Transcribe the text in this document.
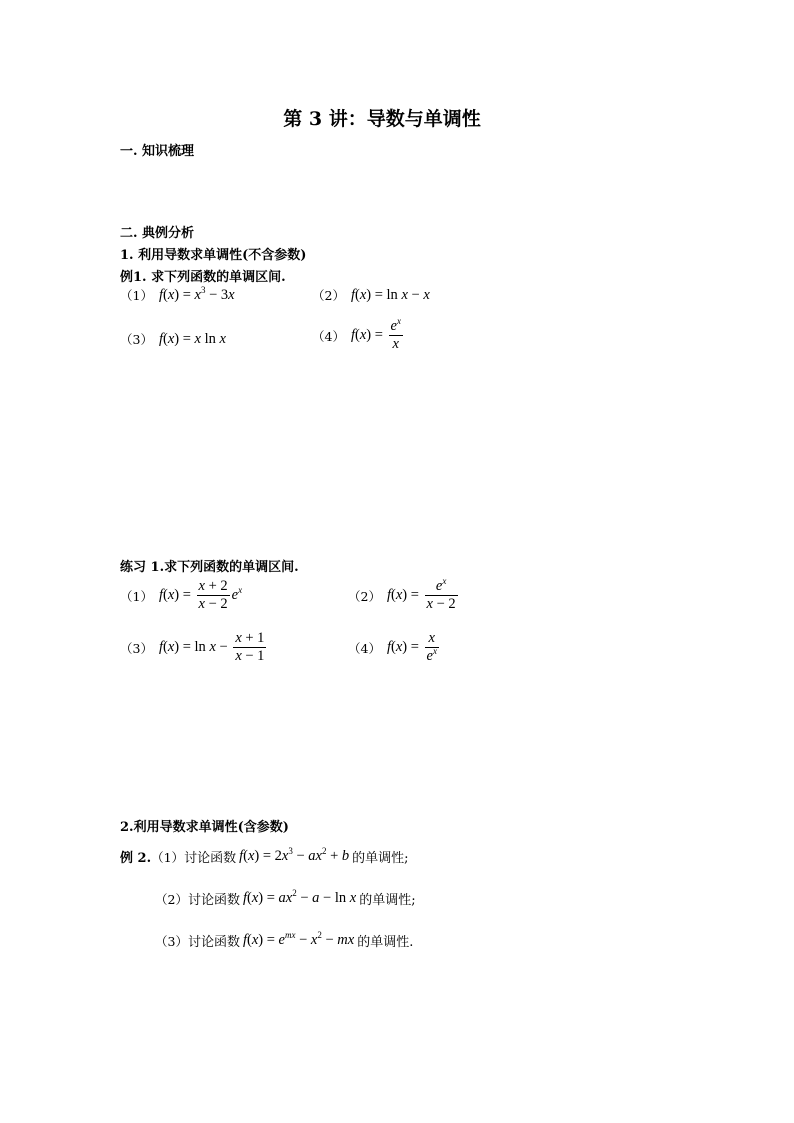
第 3 讲：导数与单调性
一. 知识梳理
二. 典例分析
1. 利用导数求单调性(不含参数)
例1. 求下列函数的单调区间.
（1） $f(x) = x^3 - 3x$	（2） f(x) = ln x − x
（3） f(x) = x ln x	（4） $f(x) = \frac{e^x}{x}$
练习 1.求下列函数的单调区间.
（1） $f(x) = \frac{x + 2}{x - 2} e^x$	（2） $f(x) = \frac{e^x}{x - 2}$
（3） $f(x) = \ln x - \frac{x + 1}{x - 1}$	（4） $f(x) = \frac{x}{e^x}$
2.利用导数求单调性(含参数)
例 2. （1） 讨论函数 $f(x) = 2x^3 - ax^2 + b$ 的单调性;
（2） 讨论函数 $f(x) = ax^2 - a - \ln x$ 的单调性;
（3） 讨论函数 $f(x) = e^{mx} - x^2$ − mx 的单调性.
